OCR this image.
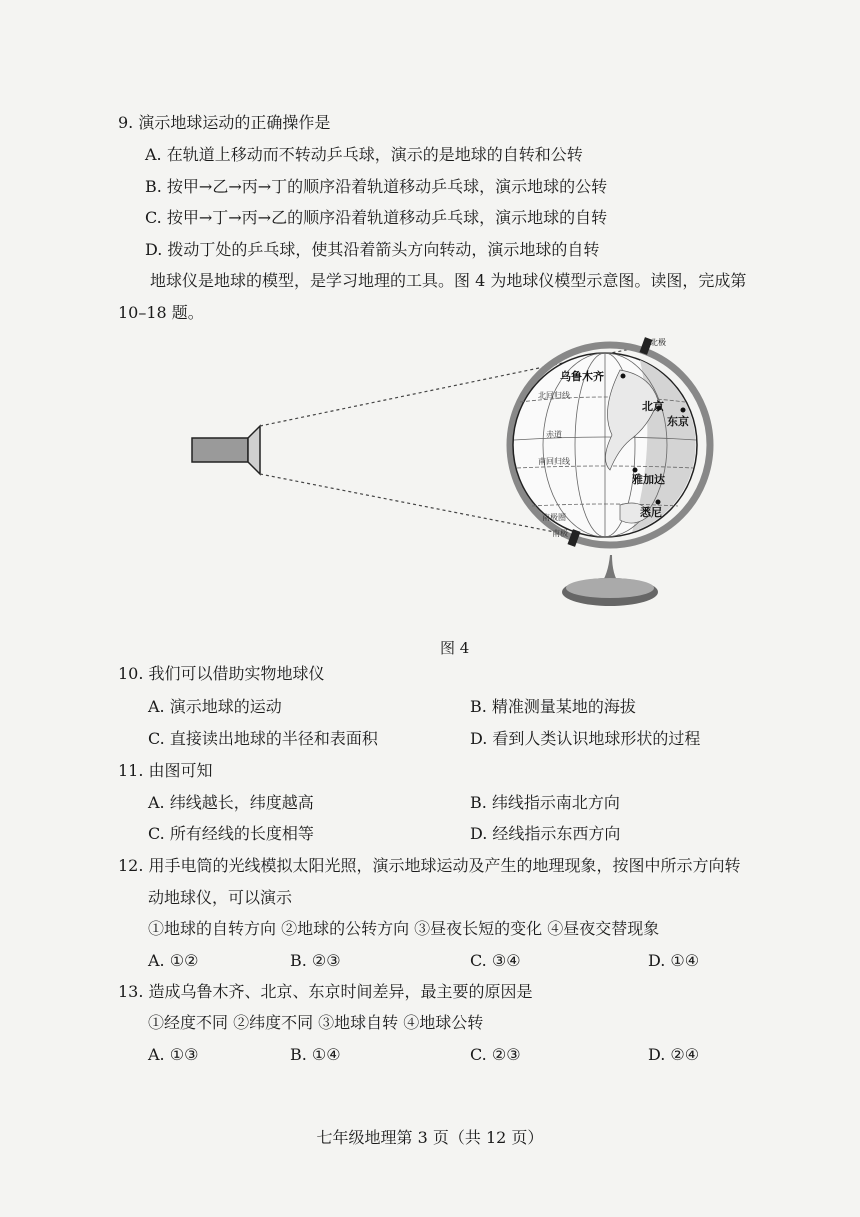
9. 演示地球运动的正确操作是
A. 在轨道上移动而不转动乒乓球，演示的是地球的自转和公转
B. 按甲→乙→丙→丁的顺序沿着轨道移动乒乓球，演示地球的公转
C. 按甲→丁→丙→乙的顺序沿着轨道移动乒乓球，演示地球的自转
D. 拨动丁处的乒乓球，使其沿着箭头方向转动，演示地球的自转
地球仪是地球的模型，是学习地理的工具。图 4 为地球仪模型示意图。读图，完成第
10–18 题。
北极
乌鲁木齐
北京
东京
北回归线
赤道
南回归线
雅加达
悉尼
南极圈
南极
图 4
10. 我们可以借助实物地球仪
A. 演示地球的运动	B. 精准测量某地的海拔
C. 直接读出地球的半径和表面积	D. 看到人类认识地球形状的过程
11. 由图可知
A. 纬线越长，纬度越高	B. 纬线指示南北方向
C. 所有经线的长度相等	D. 经线指示东西方向
12. 用手电筒的光线模拟太阳光照，演示地球运动及产生的地理现象，按图中所示方向转
动地球仪，可以演示
①地球的自转方向 ②地球的公转方向 ③昼夜长短的变化 ④昼夜交替现象
A. ①②	B. ②③	C. ③④	D. ①④
13. 造成乌鲁木齐、北京、东京时间差异，最主要的原因是
①经度不同 ②纬度不同 ③地球自转 ④地球公转
A. ①③	B. ①④	C. ②③	D. ②④
七年级地理第 3 页（共 12 页）
